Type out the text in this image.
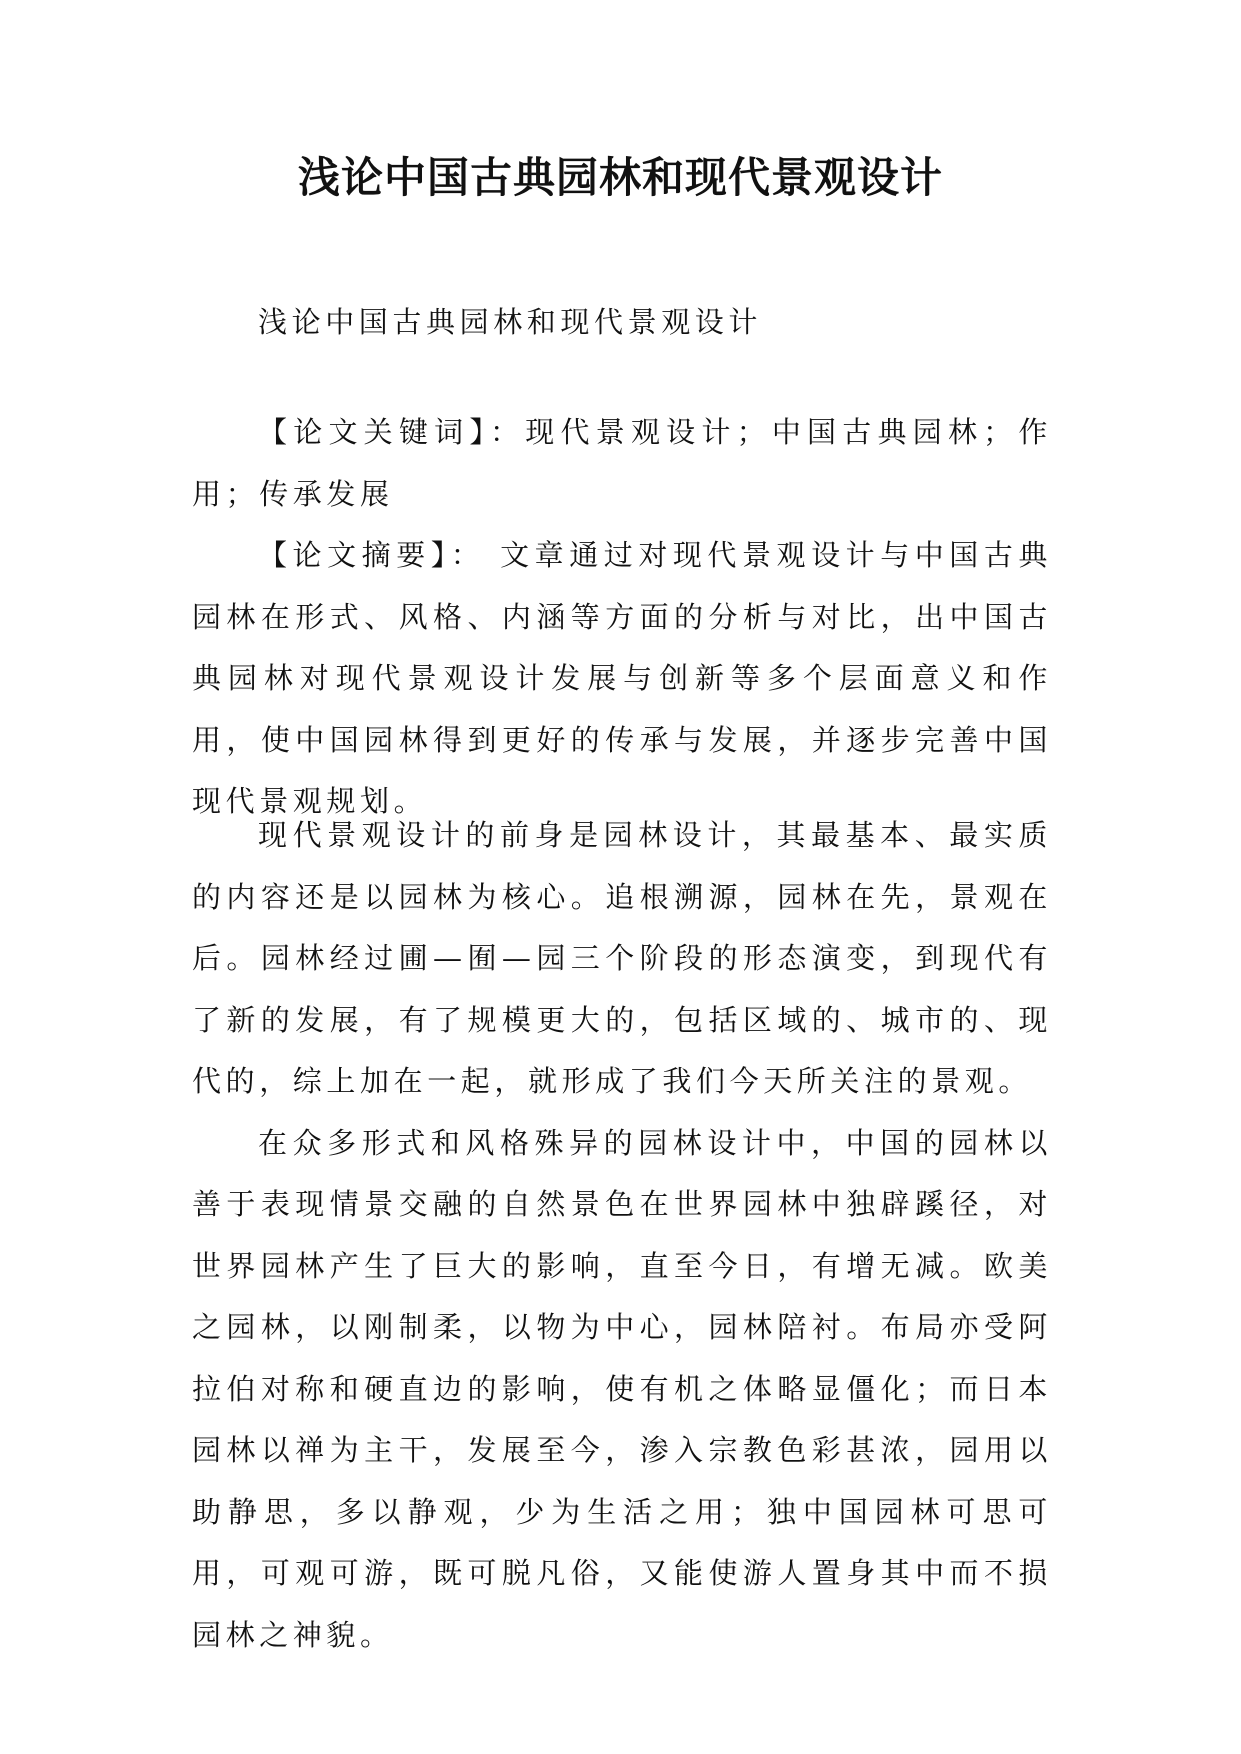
浅论中国古典园林和现代景观设计
浅论中国古典园林和现代景观设计
【论文关键词】：现代景观设计；中国古典园林；作用；传承发展
【论文摘要】： 文章通过对现代景观设计与中国古典园林在形式、风格、内涵等方面的分析与对比，出中国古典园林对现代景观设计发展与创新等多个层面意义和作用，使中国园林得到更好的传承与发展，并逐步完善中国现代景观规划。

现代景观设计的前身是园林设计，其最基本、最实质的内容还是以园林为核心。追根溯源，园林在先，景观在后。园林经过圃—囿—园三个阶段的形态演变，到现代有了新的发展，有了规模更大的，包括区域的、城市的、现代的，综上加在一起，就形成了我们今天所关注的景观。

在众多形式和风格殊异的园林设计中，中国的园林以善于表现情景交融的自然景色在世界园林中独辟蹊径，对世界园林产生了巨大的影响，直至今日，有增无减。欧美之园林，以刚制柔，以物为中心，园林陪衬。布局亦受阿拉伯对称和硬直边的影响，使有机之体略显僵化；而日本园林以禅为主干，发展至今，渗入宗教色彩甚浓，园用以助静思，多以静观，少为生活之用；独中国园林可思可用，可观可游，既可脱凡俗，又能使游人置身其中而不损园林之神貌。
